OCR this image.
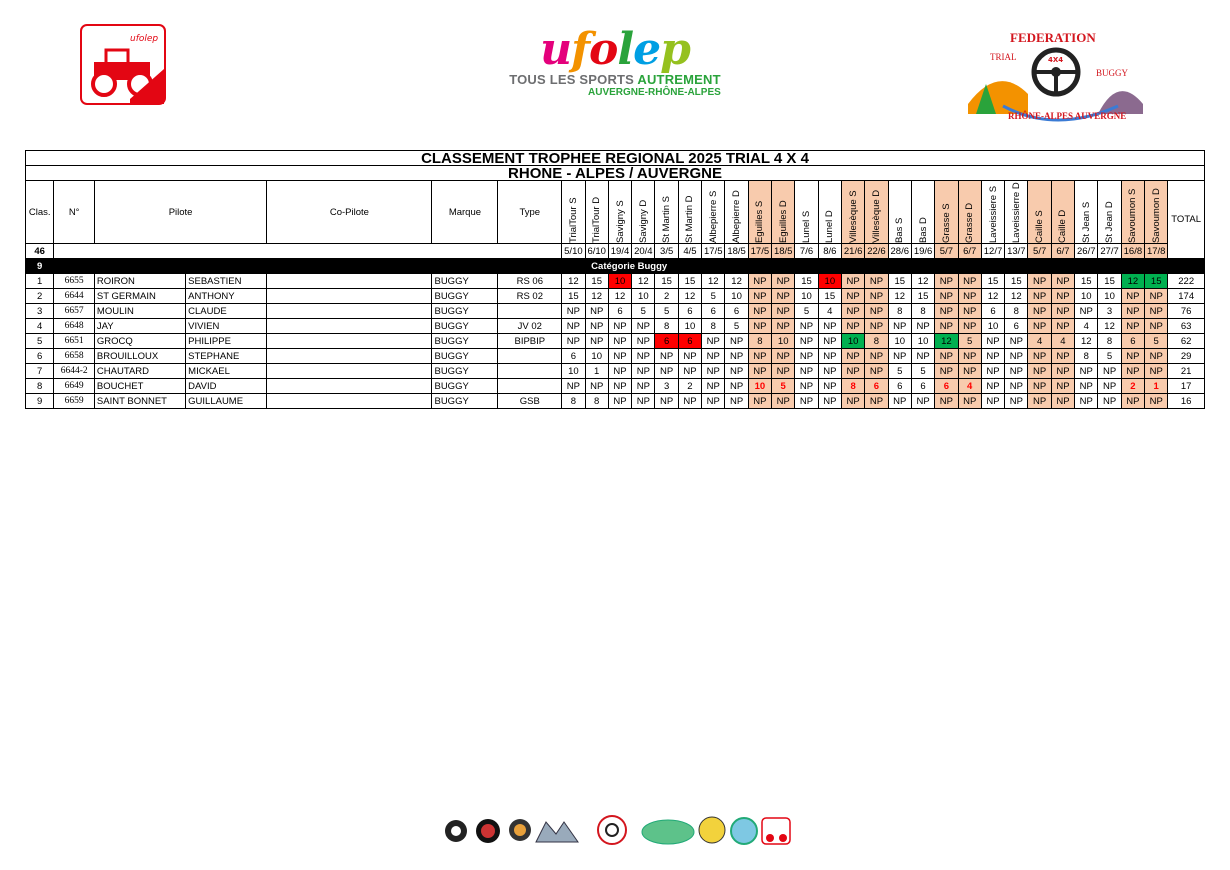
ufolep	ufolep
TOUS LES SPORTS AUTREMENT
AUVERGNE-RHÔNE-ALPES
FEDERATION
TRIAL
BUGGY
4X4
RHÔNE-ALPES AUVERGNE
CLASSEMENT TROPHEE REGIONAL 2025 TRIAL 4 X 4																																	
RHONE - ALPES / AUVERGNE																																	
Clas.	N°	Pilote		Co-Pilote	Marque	Type	TrialTour S	TrialTour D	Savigny S	Savigny D	St Martin S	St Martin D	Albepierre S	Albepierre D	Eguilles S	Eguilles D	Lunel S	Lunel D	Villesèque S	Villesèque D	Bas S	Bas D	Grasse S	Grasse D	Laveissiere S	Laveissierre D	Caille S	Caille D	St Jean S	St Jean D	Savoumon S	Savoumon D	TOTAL
46							5/10	6/10	19/4	20/4	3/5	4/5	17/5	18/5	17/5	18/5	7/6	8/6	21/6	22/6	28/6	19/6	5/7	6/7	12/7	13/7	5/7	6/7	26/7	27/7	16/8	17/8	
9	Catégorie Buggy																																
1	6655	ROIRON	SEBASTIEN		BUGGY	RS 06	12	15	10	12	15	15	12	12	NP	NP	15	10	NP	NP	15	12	NP	NP	15	15	NP	NP	15	15	12	15	222
2	6644	ST GERMAIN	ANTHONY		BUGGY	RS 02	15	12	12	10	2	12	5	10	NP	NP	10	15	NP	NP	12	15	NP	NP	12	12	NP	NP	10	10	NP	NP	174
3	6657	MOULIN	CLAUDE		BUGGY		NP	NP	6	5	5	6	6	6	NP	NP	5	4	NP	NP	8	8	NP	NP	6	8	NP	NP	NP	3	NP	NP	76
4	6648	JAY	VIVIEN		BUGGY	JV 02	NP	NP	NP	NP	8	10	8	5	NP	NP	NP	NP	NP	NP	NP	NP	NP	NP	10	6	NP	NP	4	12	NP	NP	63
5	6651	GROCQ	PHILIPPE		BUGGY	BIPBIP	NP	NP	NP	NP	6	6	NP	NP	8	10	NP	NP	10	8	10	10	12	5	NP	NP	4	4	12	8	6	5	62
6	6658	BROUILLOUX	STEPHANE		BUGGY		6	10	NP	NP	NP	NP	NP	NP	NP	NP	NP	NP	NP	NP	NP	NP	NP	NP	NP	NP	NP	NP	8	5	NP	NP	29
7	6644-2	CHAUTARD	MICKAEL		BUGGY		10	1	NP	NP	NP	NP	NP	NP	NP	NP	NP	NP	NP	NP	5	5	NP	NP	NP	NP	NP	NP	NP	NP	NP	NP	21
8	6649	BOUCHET	DAVID		BUGGY		NP	NP	NP	NP	3	2	NP	NP	10	5	NP	NP	8	6	6	6	6	4	NP	NP	NP	NP	NP	NP	2	1	17
9	6659	SAINT BONNET	GUILLAUME		BUGGY	GSB	8	8	NP	NP	NP	NP	NP	NP	NP	NP	NP	NP	NP	NP	NP	NP	NP	NP	NP	NP	NP	NP	NP	NP	NP	NP	16
